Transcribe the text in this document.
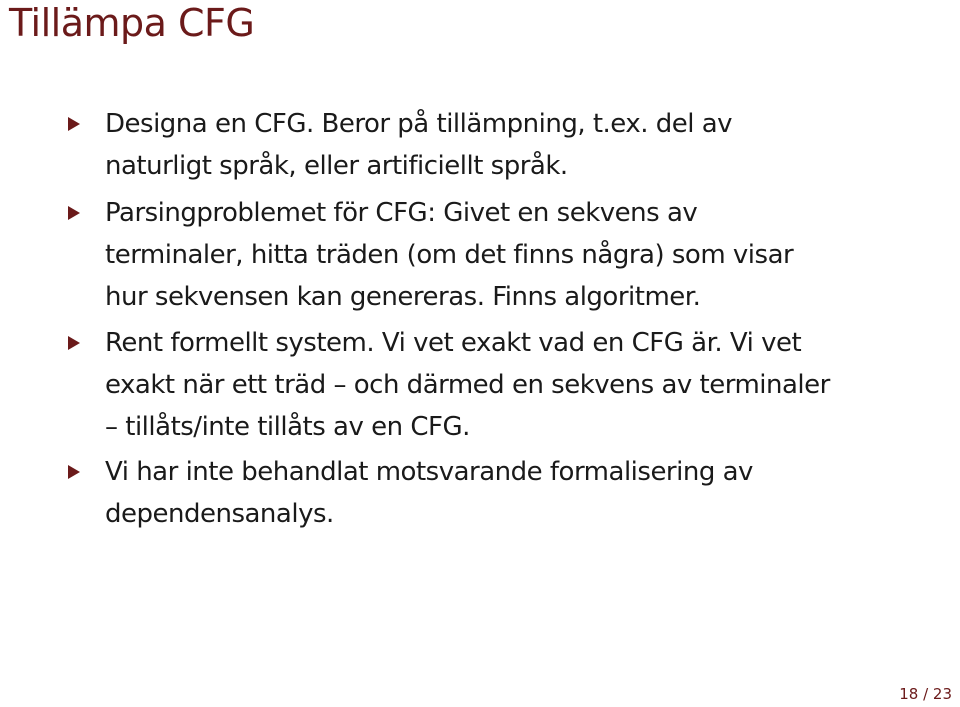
Tillämpa CFG
Designa en CFG. Beror på tillämpning, t.ex. del av
naturligt språk, eller artificiellt språk.
Parsingproblemet för CFG: Givet en sekvens av
terminaler, hitta träden (om det finns några) som visar
hur sekvensen kan genereras. Finns algoritmer.
Rent formellt system. Vi vet exakt vad en CFG är. Vi vet
exakt när ett träd – och därmed en sekvens av terminaler
– tillåts/inte tillåts av en CFG.
Vi har inte behandlat motsvarande formalisering av
dependensanalys.
18 / 23
